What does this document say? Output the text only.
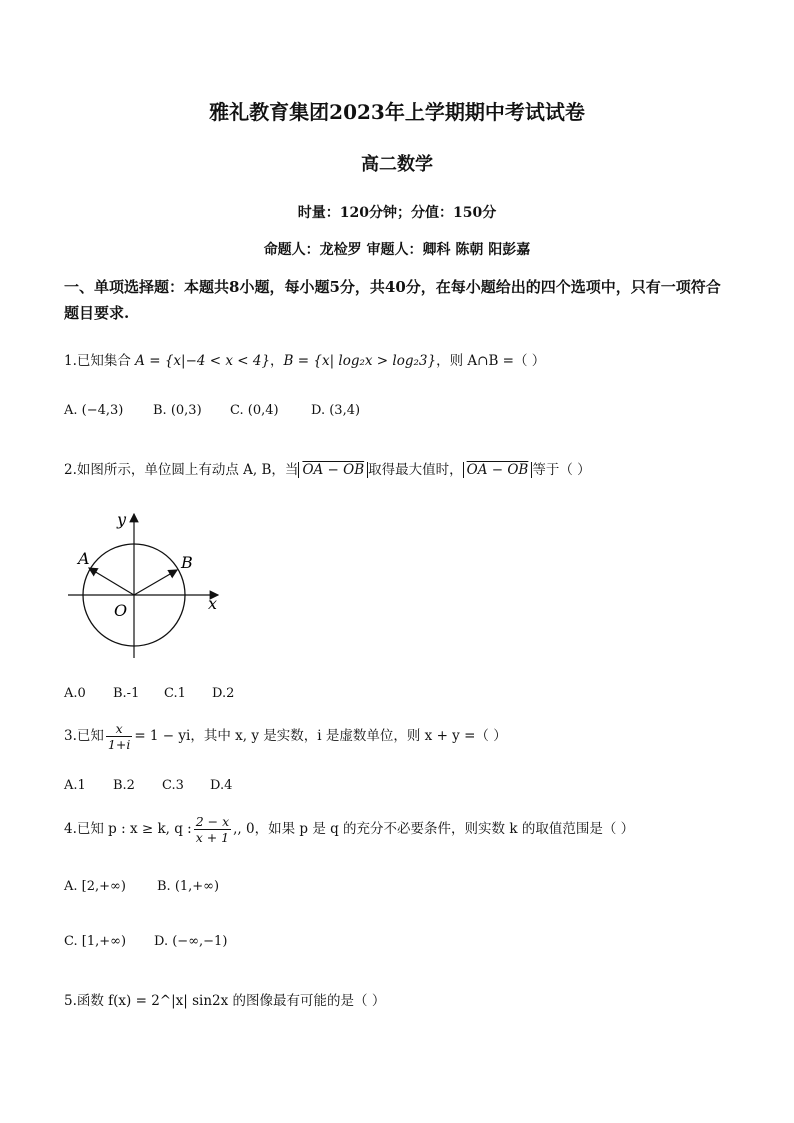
雅礼教育集团2023年上学期期中考试试卷
高二数学
时量：120分钟；分值：150分
命题人：龙检罗 审题人：卿科 陈朝 阳彭嘉
一、单项选择题：本题共8小题，每小题5分，共40分，在每小题给出的四个选项中，只有一项符合题目要求.
1.已知集合 A = {x|−4 < x < 4}，B = {x| log₂x > log₂3}，则 A∩B =（ ）
A. (−4,3) B. (0,3) C. (0,4) D. (3,4)
2.如图所示，单位圆上有动点 A, B，当 OA − OB 取得最大值时， OA − OB 等于（ ）
x
y
O
A	B
A.0 B.-1 C.1 D.2
3.已知 $\frac{x}{1+i} = 1$ − yi，其中 x, y 是实数，i 是虚数单位，则 x + y =（ ）
A.1 B.2 C.3 D.4
4.已知 p : x ≥ k, q : $\frac{2 - x}{x + 1}$ ,, 0，如果 p 是 q 的充分不必要条件，则实数 k 的取值范围是（ ）
A. [2,+∞) B. (1,+∞)
C. [1,+∞) D. (−∞,−1)
5.函数 f(x) = 2^|x| sin2x 的图像最有可能的是（ ）
